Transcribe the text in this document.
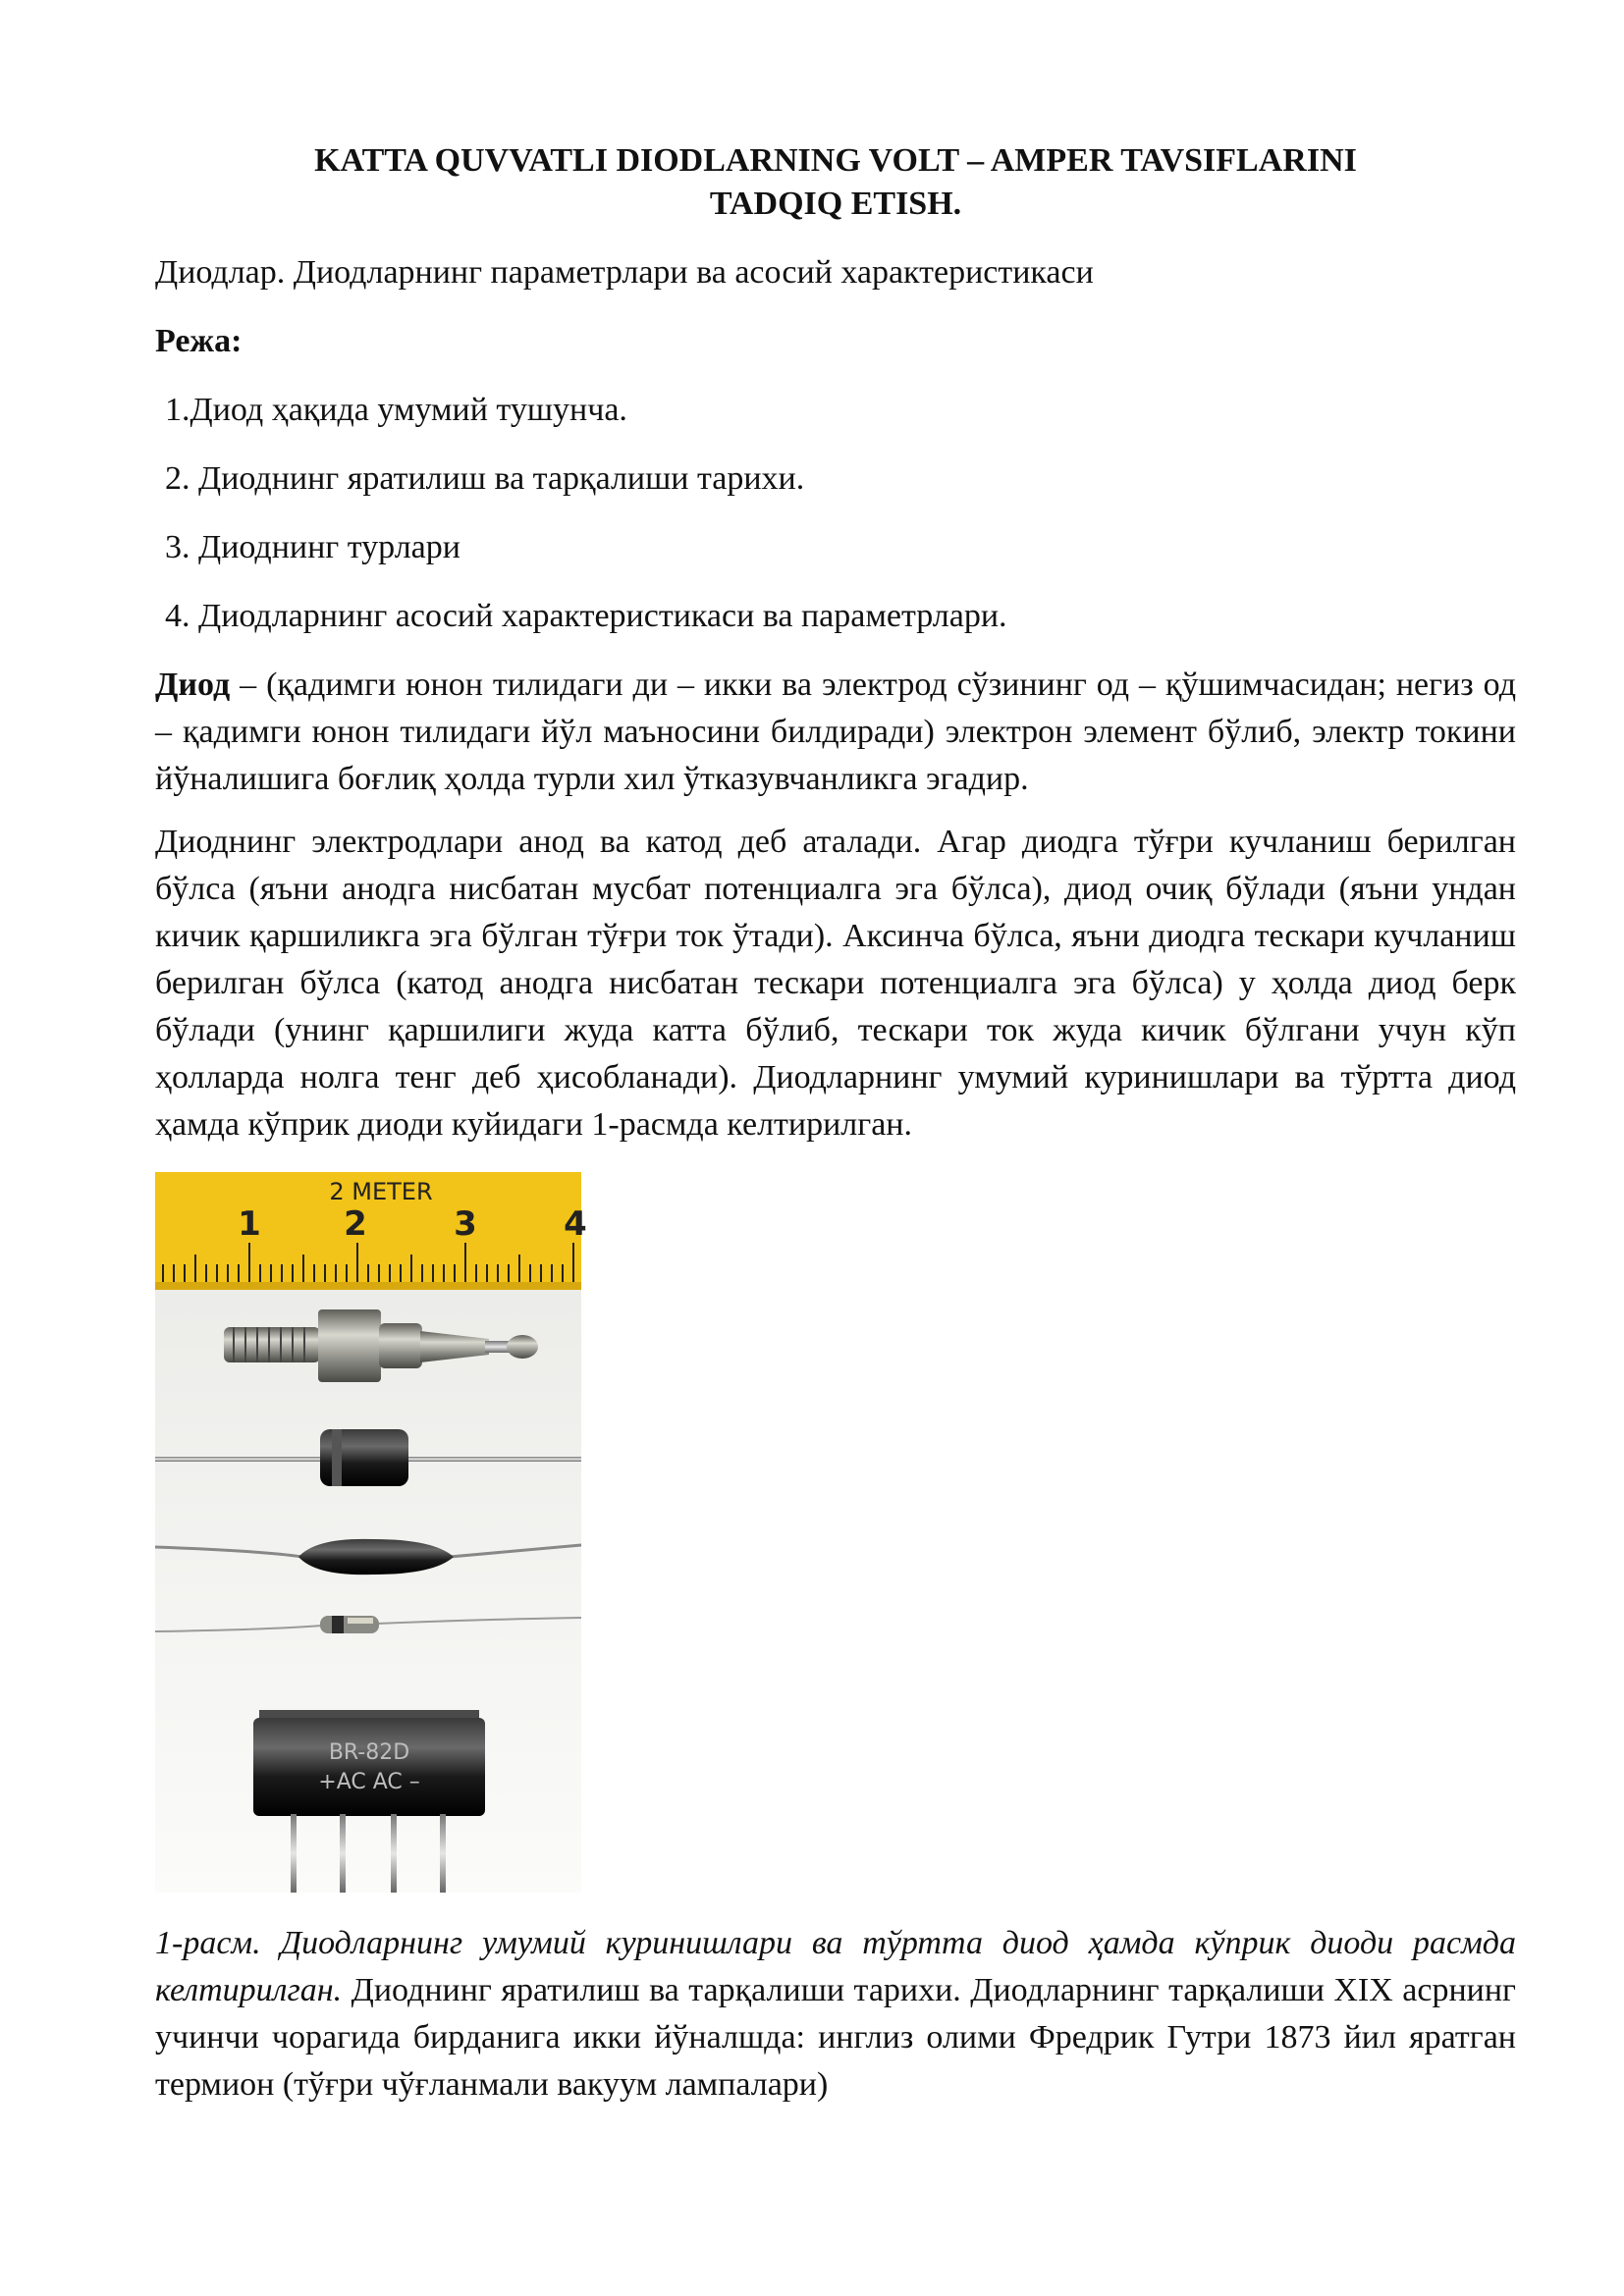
KATTA QUVVATLI DIODLARNING VOLT – AMPER TAVSIFLARINI
TADQIQ ETISH.

Диодлар. Диодларнинг параметрлари ва асосий характеристикаси

Режа:

1.Диод ҳақида умумий тушунча.

2. Диоднинг яратилиш ва тарқалиши тарихи.

3. Диоднинг турлари

4. Диодларнинг асосий характеристикаси ва параметрлари.

Диод – (қадимги юнон тилидаги ди – икки ва электрод сўзининг од – қўшимчасидан; негиз од – қадимги юнон тилидаги йўл маъносини билдиради) электрон элемент бўлиб, электр токини йўналишига боғлиқ ҳолда турли хил ўтказувчанликга эгадир.

Диоднинг электродлари анод ва катод деб аталади. Агар диодга тўғри кучланиш берилган бўлса (яъни анодга нисбатан мусбат потенциалга эга бўлса), диод очиқ бўлади (яъни ундан кичик қаршиликга эга бўлган тўғри ток ўтади). Аксинча бўлса, яъни диодга тескари кучланиш берилган бўлса (катод анодга нисбатан тескари потенциалга эга бўлса) у ҳолда диод берк бўлади (унинг қаршилиги жуда катта бўлиб, тескари ток жуда кичик бўлгани учун кўп ҳолларда нолга тенг деб ҳисобланади). Диодларнинг умумий куринишлари ва тўртта диод ҳамда кўприк диоди куйидаги 1-расмда келтирилган.

2 METER
1 2	3	4
BR-82D
+AC AC –

1-расм. Диодларнинг умумий куринишлари ва тўртта диод ҳамда кўприк диоди расмда келтирилган. Диоднинг яратилиш ва тарқалиши тарихи. Диодларнинг тарқалиши XIX асрнинг учинчи чорагида бирданига икки йўналшда: инглиз олими Фредрик Гутри 1873 йил яратган термион (тўғри чўғланмали вакуум лампалари)
